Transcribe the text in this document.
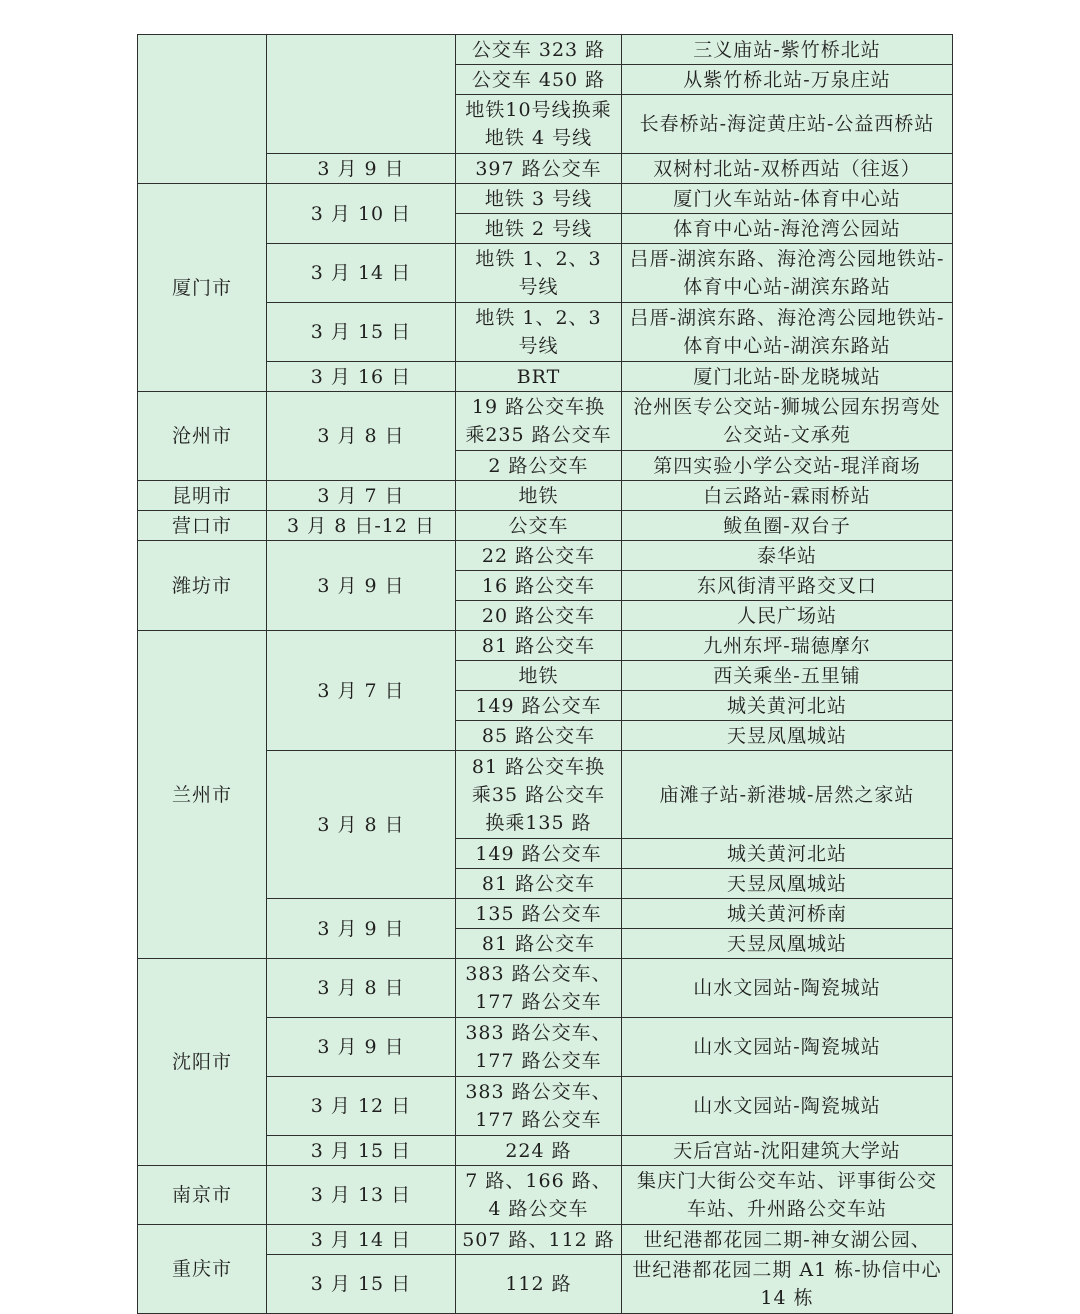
		公交车 323 路	三义庙站-紫竹桥北站
		公交车 450 路	从紫竹桥北站-万泉庄站
		地铁10号线换乘地铁 4 号线	长春桥站-海淀黄庄站-公益西桥站
	3 月 9 日	397 路公交车	双树村北站-双桥西站（往返）
厦门市	3 月 10 日	地铁 3 号线	厦门火车站站-体育中心站
		地铁 2 号线	体育中心站-海沧湾公园站
	3 月 14 日	地铁 1、2、3 号线	吕厝-湖滨东路、海沧湾公园地铁站-体育中心站-湖滨东路站
	3 月 15 日	地铁 1、2、3 号线	吕厝-湖滨东路、海沧湾公园地铁站-体育中心站-湖滨东路站
	3 月 16 日	BRT	厦门北站-卧龙晓城站
沧州市	3 月 8 日	19 路公交车换乘235 路公交车	沧州医专公交站-狮城公园东拐弯处公交站-文承苑
		2 路公交车	第四实验小学公交站-琨洋商场
昆明市	3 月 7 日	地铁	白云路站-霖雨桥站
营口市	3 月 8 日-12 日	公交车	鲅鱼圈-双台子
潍坊市	3 月 9 日	22 路公交车	泰华站
		16 路公交车	东风街清平路交叉口
		20 路公交车	人民广场站
兰州市	3 月 7 日	81 路公交车	九州东坪-瑞德摩尔
		地铁	西关乘坐-五里铺
		149 路公交车	城关黄河北站
		85 路公交车	天昱凤凰城站
	3 月 8 日	81 路公交车换乘35 路公交车换乘135 路	庙滩子站-新港城-居然之家站
		149 路公交车	城关黄河北站
		81 路公交车	天昱凤凰城站
	3 月 9 日	135 路公交车	城关黄河桥南
		81 路公交车	天昱凤凰城站
沈阳市	3 月 8 日	383 路公交车、177 路公交车	山水文园站-陶瓷城站
	3 月 9 日	383 路公交车、177 路公交车	山水文园站-陶瓷城站
	3 月 12 日	383 路公交车、177 路公交车	山水文园站-陶瓷城站
	3 月 15 日	224 路	天后宫站-沈阳建筑大学站
南京市	3 月 13 日	7 路、166 路、4 路公交车	集庆门大街公交车站、评事街公交车站、升州路公交车站
重庆市	3 月 14 日	507 路、112 路	世纪港都花园二期-神女湖公园、
	3 月 15 日	112 路	世纪港都花园二期 A1 栋-协信中心14 栋
